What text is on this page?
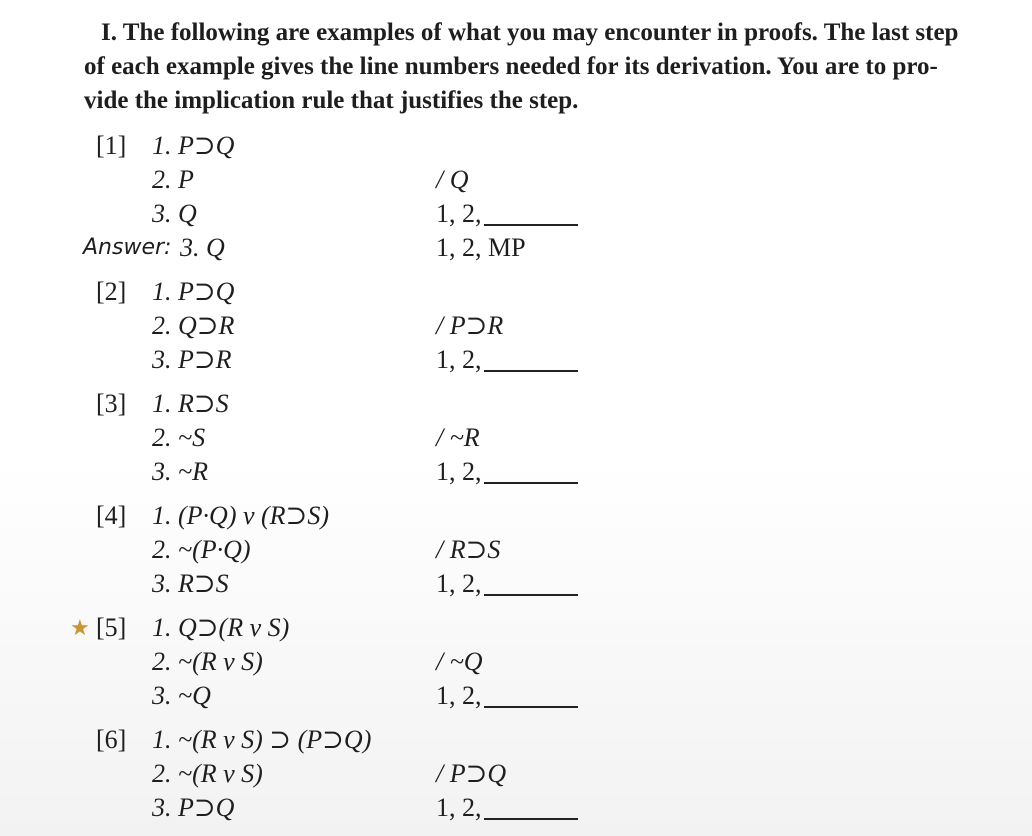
I. The following are examples of what you may encounter in proofs. The last step
of each example gives the line numbers needed for its derivation. You are to pro-
vide the implication rule that justifies the step.
[1] 1. P⊃Q
2. P	/ Q
3. Q	1, 2,
Answer: 3. Q	1, 2, MP
[2] 1. P⊃Q
2. Q⊃R	/ P⊃R
3. P⊃R	1, 2,
[3] 1. R⊃S
2. ~S	/ ~R
3. ~R	1, 2,
[4] 1. (P·Q) v (R⊃S)
2. ~(P·Q)	/ R⊃S
3. R⊃S	1, 2,
★ [5] 1. Q⊃(R v S)
2. ~(R v S)	/ ~Q
3. ~Q	1, 2,
[6] 1. ~(R v S) ⊃ (P⊃Q)
2. ~(R v S)	/ P⊃Q
3. P⊃Q	1, 2,
